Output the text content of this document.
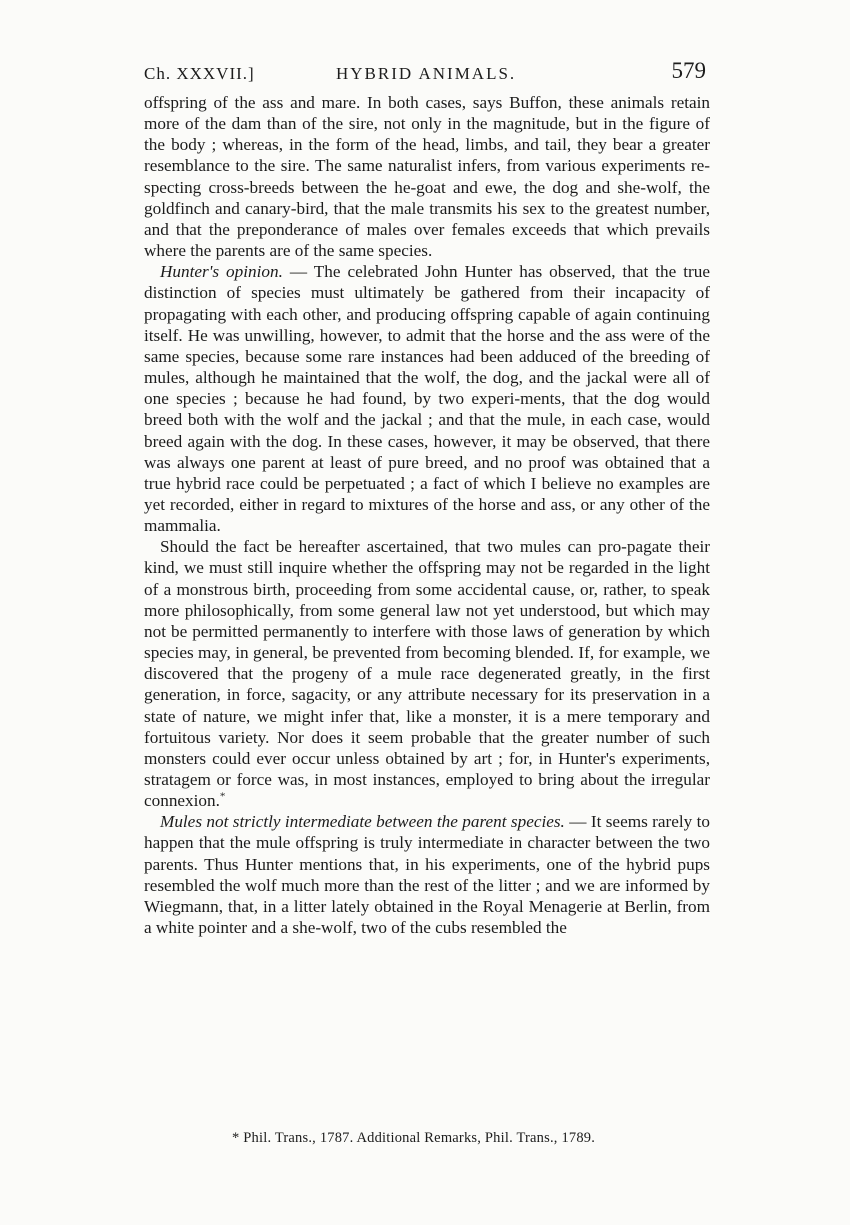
Ch. XXXVII.]	HYBRID ANIMALS.	579

offspring of the ass and mare. In both cases, says Buffon, these animals retain more of the dam than of the sire, not only in the magnitude, but in the figure of the body ; whereas, in the form of the head, limbs, and tail, they bear a greater resemblance to the sire. The same naturalist infers, from various experiments re-specting cross-breeds between the he-goat and ewe, the dog and she-wolf, the goldfinch and canary-bird, that the male transmits his sex to the greatest number, and that the preponderance of males over females exceeds that which prevails where the parents are of the same species.

Hunter's opinion. — The celebrated John Hunter has observed, that the true distinction of species must ultimately be gathered from their incapacity of propagating with each other, and producing offspring capable of again continuing itself. He was unwilling, however, to admit that the horse and the ass were of the same species, because some rare instances had been adduced of the breeding of mules, although he maintained that the wolf, the dog, and the jackal were all of one species ; because he had found, by two experi-ments, that the dog would breed both with the wolf and the jackal ; and that the mule, in each case, would breed again with the dog. In these cases, however, it may be observed, that there was always one parent at least of pure breed, and no proof was obtained that a true hybrid race could be perpetuated ; a fact of which I believe no examples are yet recorded, either in regard to mixtures of the horse and ass, or any other of the mammalia.

Should the fact be hereafter ascertained, that two mules can pro-pagate their kind, we must still inquire whether the offspring may not be regarded in the light of a monstrous birth, proceeding from some accidental cause, or, rather, to speak more philosophically, from some general law not yet understood, but which may not be permitted permanently to interfere with those laws of generation by which species may, in general, be prevented from becoming blended. If, for example, we discovered that the progeny of a mule race degenerated greatly, in the first generation, in force, sagacity, or any attribute necessary for its preservation in a state of nature, we might infer that, like a monster, it is a mere temporary and fortuitous variety. Nor does it seem probable that the greater number of such monsters could ever occur unless obtained by art ; for, in Hunter's experiments, stratagem or force was, in most instances, employed to bring about the irregular connexion.*

Mules not strictly intermediate between the parent species. — It seems rarely to happen that the mule offspring is truly intermediate in character between the two parents. Thus Hunter mentions that, in his experiments, one of the hybrid pups resembled the wolf much more than the rest of the litter ; and we are informed by Wiegmann, that, in a litter lately obtained in the Royal Menagerie at Berlin, from a white pointer and a she-wolf, two of the cubs resembled the

* Phil. Trans., 1787. Additional Remarks, Phil. Trans., 1789.
